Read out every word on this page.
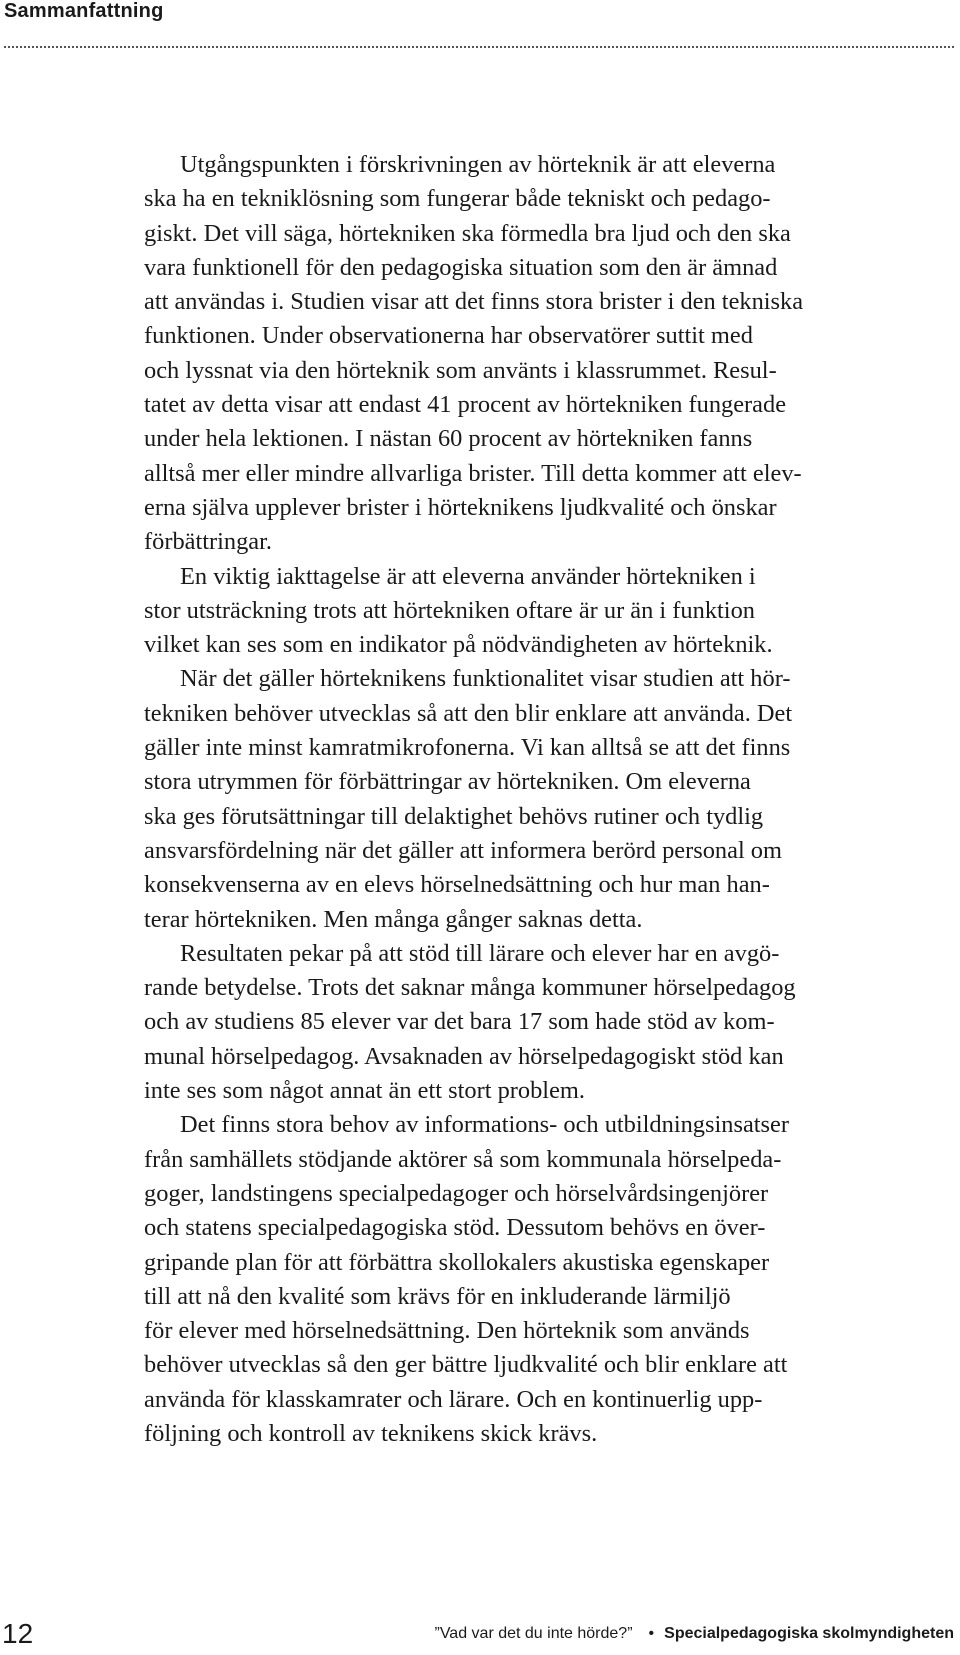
Sammanfattning

Utgångspunkten i förskrivningen av hörteknik är att eleverna
ska ha en tekniklösning som fungerar både tekniskt och pedago-
giskt. Det vill säga, hörtekniken ska förmedla bra ljud och den ska
vara funktionell för den pedagogiska situation som den är ämnad
att användas i. Studien visar att det finns stora brister i den tekniska
funktionen. Under observationerna har observatörer suttit med
och lyssnat via den hörteknik som använts i klassrummet. Resul-
tatet av detta visar att endast 41 procent av hörtekniken fungerade
under hela lektionen. I nästan 60 procent av hörtekniken fanns
alltså mer eller mindre allvarliga brister. Till detta kommer att elev-
erna själva upplever brister i hörteknikens ljudkvalité och önskar
förbättringar.

En viktig iakttagelse är att eleverna använder hörtekniken i
stor utsträckning trots att hörtekniken oftare är ur än i funktion
vilket kan ses som en indikator på nödvändigheten av hörteknik.

När det gäller hörteknikens funktionalitet visar studien att hör-
tekniken behöver utvecklas så att den blir enklare att använda. Det
gäller inte minst kamratmikrofonerna. Vi kan alltså se att det finns
stora utrymmen för förbättringar av hörtekniken. Om eleverna
ska ges förutsättningar till delaktighet behövs rutiner och tydlig
ansvarsfördelning när det gäller att informera berörd personal om
konsekvenserna av en elevs hörselnedsättning och hur man han-
terar hörtekniken. Men många gånger saknas detta.

Resultaten pekar på att stöd till lärare och elever har en avgö-
rande betydelse. Trots det saknar många kommuner hörselpedagog
och av studiens 85 elever var det bara 17 som hade stöd av kom-
munal hörselpedagog. Avsaknaden av hörselpedagogiskt stöd kan
inte ses som något annat än ett stort problem.

Det finns stora behov av informations- och utbildningsinsatser
från samhällets stödjande aktörer så som kommunala hörselpeda-
goger, landstingens specialpedagoger och hörselvårdsingenjörer
och statens specialpedagogiska stöd. Dessutom behövs en över-
gripande plan för att förbättra skollokalers akustiska egenskaper
till att nå den kvalité som krävs för en inkluderande lärmiljö
för elever med hörselnedsättning. Den hörteknik som används
behöver utvecklas så den ger bättre ljudkvalité och blir enklare att
använda för klasskamrater och lärare. Och en kontinuerlig upp-
följning och kontroll av teknikens skick krävs.

12	”Vad var det du inte hörde?” • Specialpedagogiska skolmyndigheten
